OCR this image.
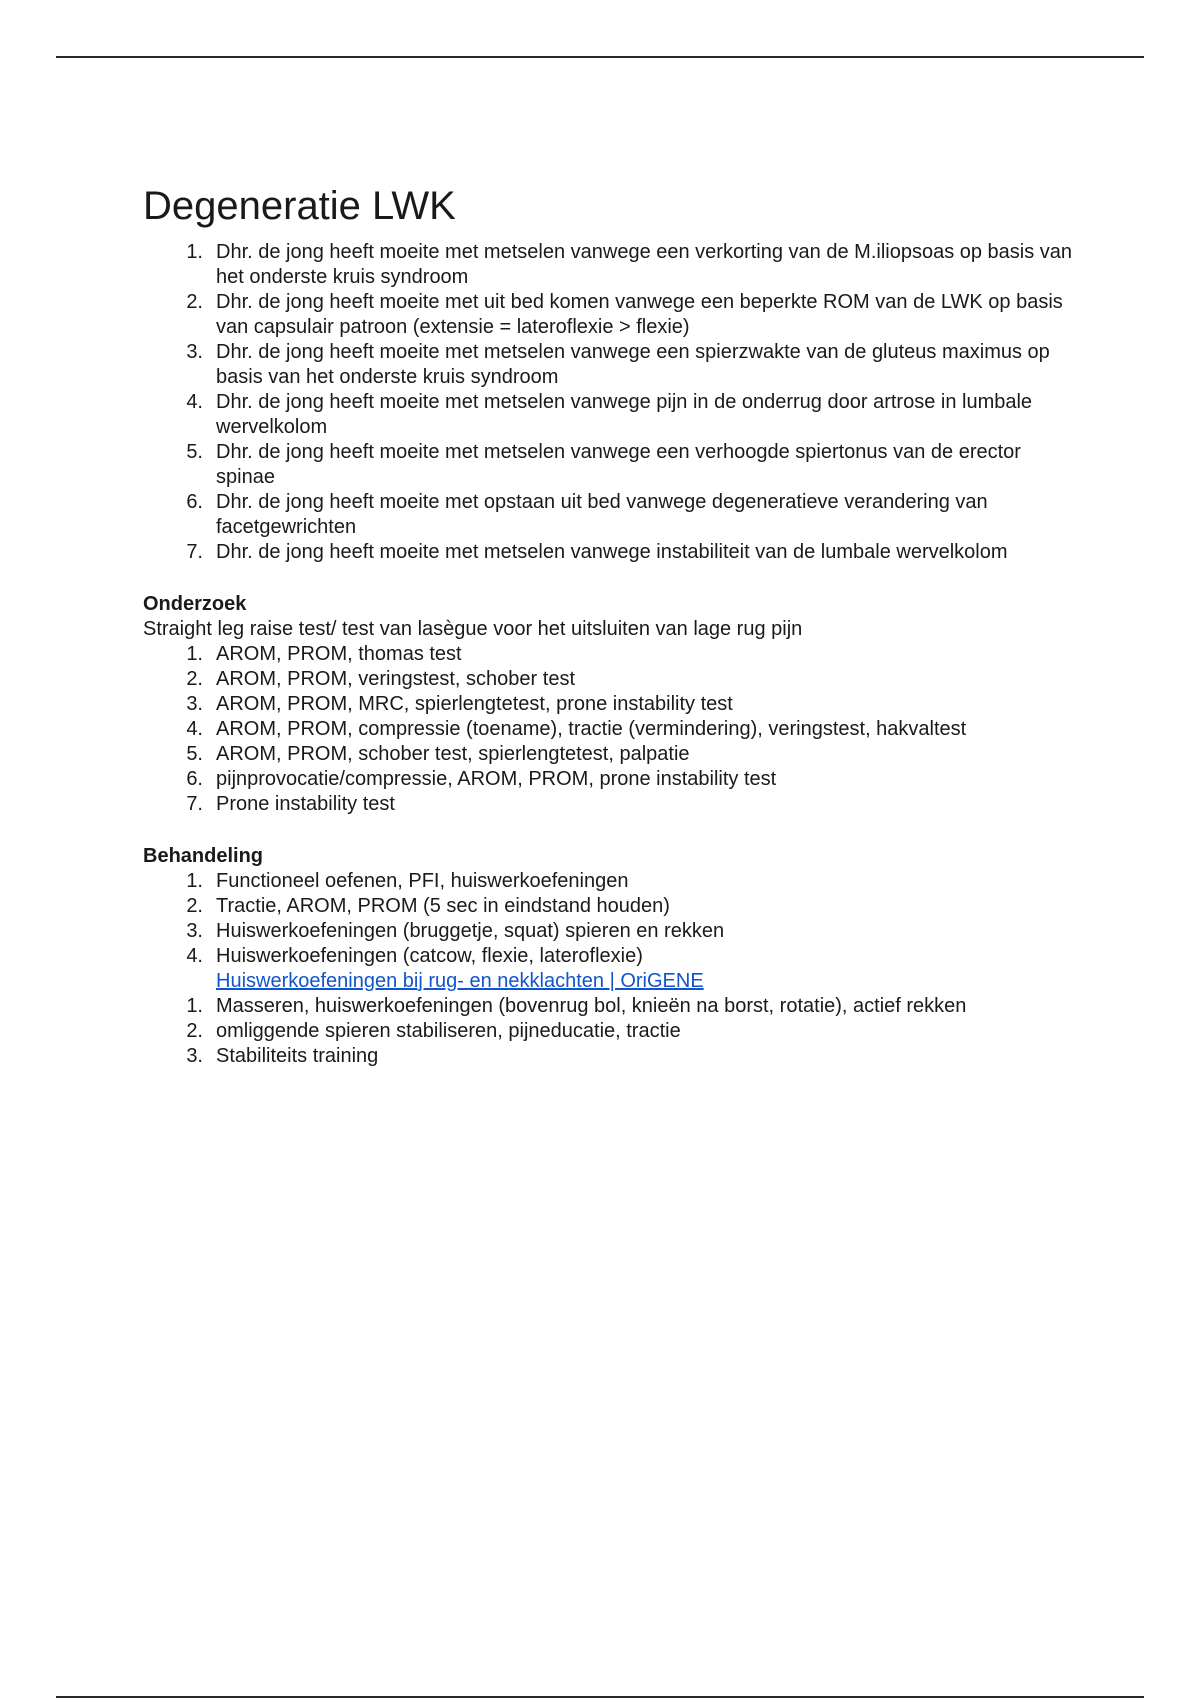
Degeneratie LWK
1. Dhr. de jong heeft moeite met metselen vanwege een verkorting van de M.iliopsoas op basis van het onderste kruis syndroom
2. Dhr. de jong heeft moeite met uit bed komen vanwege een beperkte ROM van de LWK op basis van capsulair patroon (extensie = lateroflexie > flexie)
3. Dhr. de jong heeft moeite met metselen vanwege een spierzwakte van de gluteus maximus op basis van het onderste kruis syndroom
4. Dhr. de jong heeft moeite met metselen vanwege pijn in de onderrug door artrose in lumbale wervelkolom
5. Dhr. de jong heeft moeite met metselen vanwege een verhoogde spiertonus van de erector spinae
6. Dhr. de jong heeft moeite met opstaan uit bed vanwege degeneratieve verandering van facetgewrichten
7. Dhr. de jong heeft moeite met metselen vanwege instabiliteit van de lumbale wervelkolom
Onderzoek

Straight leg raise test/ test van lasègue voor het uitsluiten van lage rug pijn

1. AROM, PROM, thomas test
2. AROM, PROM, veringstest, schober test
3. AROM, PROM, MRC, spierlengtetest, prone instability test
4. AROM, PROM, compressie (toename), tractie (vermindering), veringstest, hakvaltest
5. AROM, PROM, schober test, spierlengtetest, palpatie
6. pijnprovocatie/compressie, AROM, PROM, prone instability test
7. Prone instability test
Behandeling
1. Functioneel oefenen, PFI, huiswerkoefeningen
2. Tractie, AROM, PROM (5 sec in eindstand houden)
3. Huiswerkoefeningen (bruggetje, squat) spieren en rekken
4. Huiswerkoefeningen (catcow, flexie, lateroflexie)
Huiswerkoefeningen bij rug- en nekklachten | OriGENE
1. Masseren, huiswerkoefeningen (bovenrug bol, knieën na borst, rotatie), actief rekken
2. omliggende spieren stabiliseren, pijneducatie, tractie
3. Stabiliteits training
